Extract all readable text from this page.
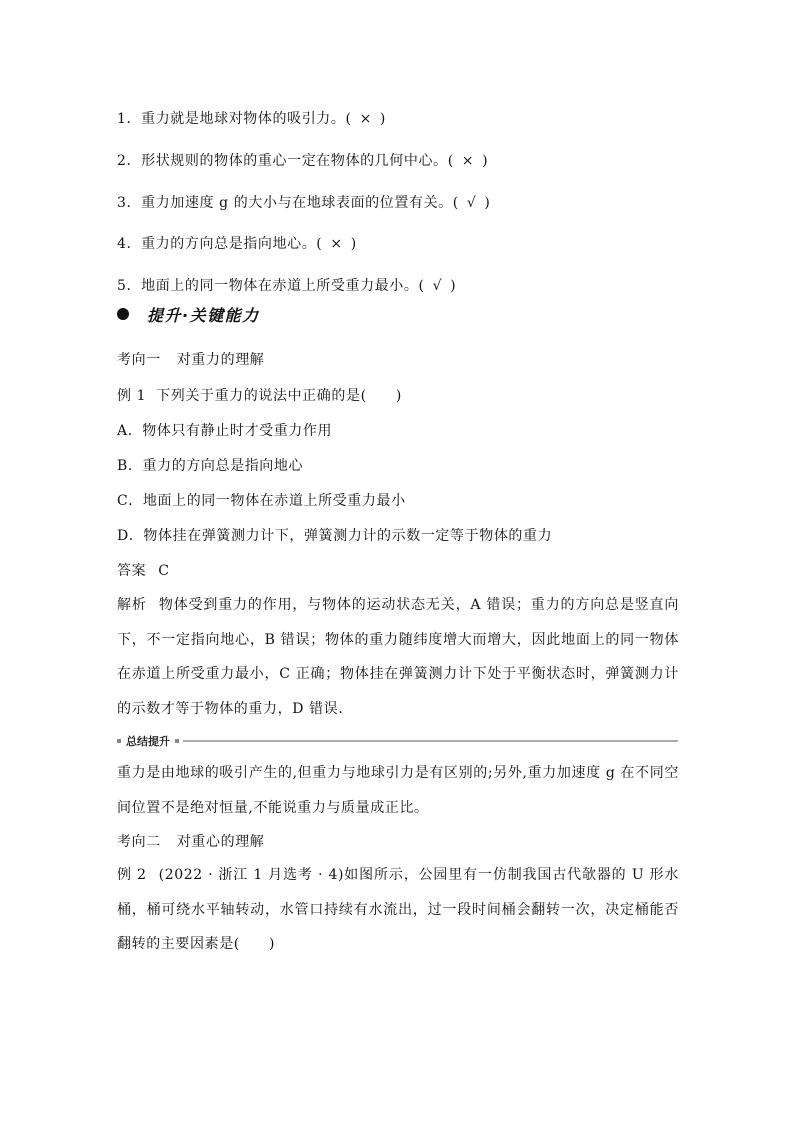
1．重力就是地球对物体的吸引力。( × )
2．形状规则的物体的重心一定在物体的几何中心。( × )
3．重力加速度 g 的大小与在地球表面的位置有关。( √ )
4．重力的方向总是指向地心。( × )
5．地面上的同一物体在赤道上所受重力最小。( √ )
提升·关键能力
考向一 对重力的理解
例 1 下列关于重力的说法中正确的是(　　)
A．物体只有静止时才受重力作用
B．重力的方向总是指向地心
C．地面上的同一物体在赤道上所受重力最小
D．物体挂在弹簧测力计下，弹簧测力计的示数一定等于物体的重力
答案 C
解析 物体受到重力的作用，与物体的运动状态无关，A 错误；重力的方向总是竖直向下，不一定指向地心，B 错误；物体的重力随纬度增大而增大，因此地面上的同一物体在赤道上所受重力最小，C 正确；物体挂在弹簧测力计下处于平衡状态时，弹簧测力计的示数才等于物体的重力，D 错误.
总结提升
重力是由地球的吸引产生的,但重力与地球引力是有区别的;另外,重力加速度 g 在不同空间位置不是绝对恒量,不能说重力与质量成正比。
考向二 对重心的理解
例 2 (2022 · 浙江 1 月选考 · 4)如图所示，公园里有一仿制我国古代欹器的 U 形水桶，桶可绕水平轴转动，水管口持续有水流出，过一段时间桶会翻转一次，决定桶能否翻转的主要因素是(　　)
